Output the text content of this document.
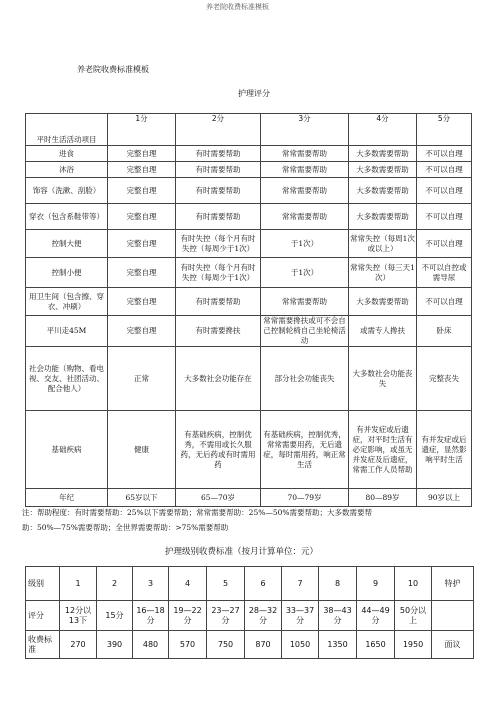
养老院收费标准模板
养老院收费标准模板
护理评分
平时生活活动项目	1分	2分	3分	4分	5分
进食	完整自理	有时需要帮助	常常需要帮助	大多数需要帮助	不可以自理
沐浴	完整自理	有时需要帮助	常常需要帮助	大多数需要帮助	不可以自理
饰容（洗漱、刮脸）	完整自理	有时需要帮助	常常需要帮助	大多数需要帮助	不可以自理
穿衣（包含系鞋带等）	完整自理	有时需要帮助	常常需要帮助	大多数需要帮助	不可以自理
控制大便	完整自理	有时失控（每个月有时失控（每周少于1次）	于1次）	常常失控（每周1次或以上）	不可以自理
控制小便	完整自理	有时失控（每个月有时失控（每周少于1次）	于1次）	常常失控（每三天1次）	不可以自控或需导尿
用卫生间（包含擦、穿衣、冲刷）	完整自理	有时需要帮助	常常需要帮助	大多数需要帮助	不可以自理
平川走45M	完整自理	有时需要搀扶	常常需要搀扶或可不会自己控制轮椅自己坐轮椅活动	或需专人搀扶	卧床
社会功能（购物、看电视、交友、社团活动、配合他人）	正常	大多数社会功能存在	部分社会功能丧失	大多数社会功能丧失	完整丧失
基础疾病	健康	有基础疾病，控制优秀，不需用或长久服药，无后药或有时需用药	有基础疾病，控制优秀，常常需要用药，无后遗症，每时需用药，响正常生活	有并发症或后遗症，对平时生活有必定影响，或虽无并发症及后遗症，常需工作人员帮助	有并发症或后遗症，显然影响平时生活
年纪	65岁以下	65—70岁	70—79岁	80—89岁	90岁以上
注：帮助程度：有时需要帮助：25%以下需要帮助；常常需要帮助：25%—50%需要帮助；大多数需要帮
助：50%—75%需要帮助；全世界需要帮助：>75%需要帮助
护理级别收费标准（按月计算单位：元）
级别	1	2	3	4	5	6	7	8	9	10	特护
评分	12分以13下	15分	16—18分	19—22分	23—27分	28—32分	33—37分	38—43分	44—49分	50分以上	
收费标准	270	390	480	570	750	870	1050	1350	1650	1950	面议
